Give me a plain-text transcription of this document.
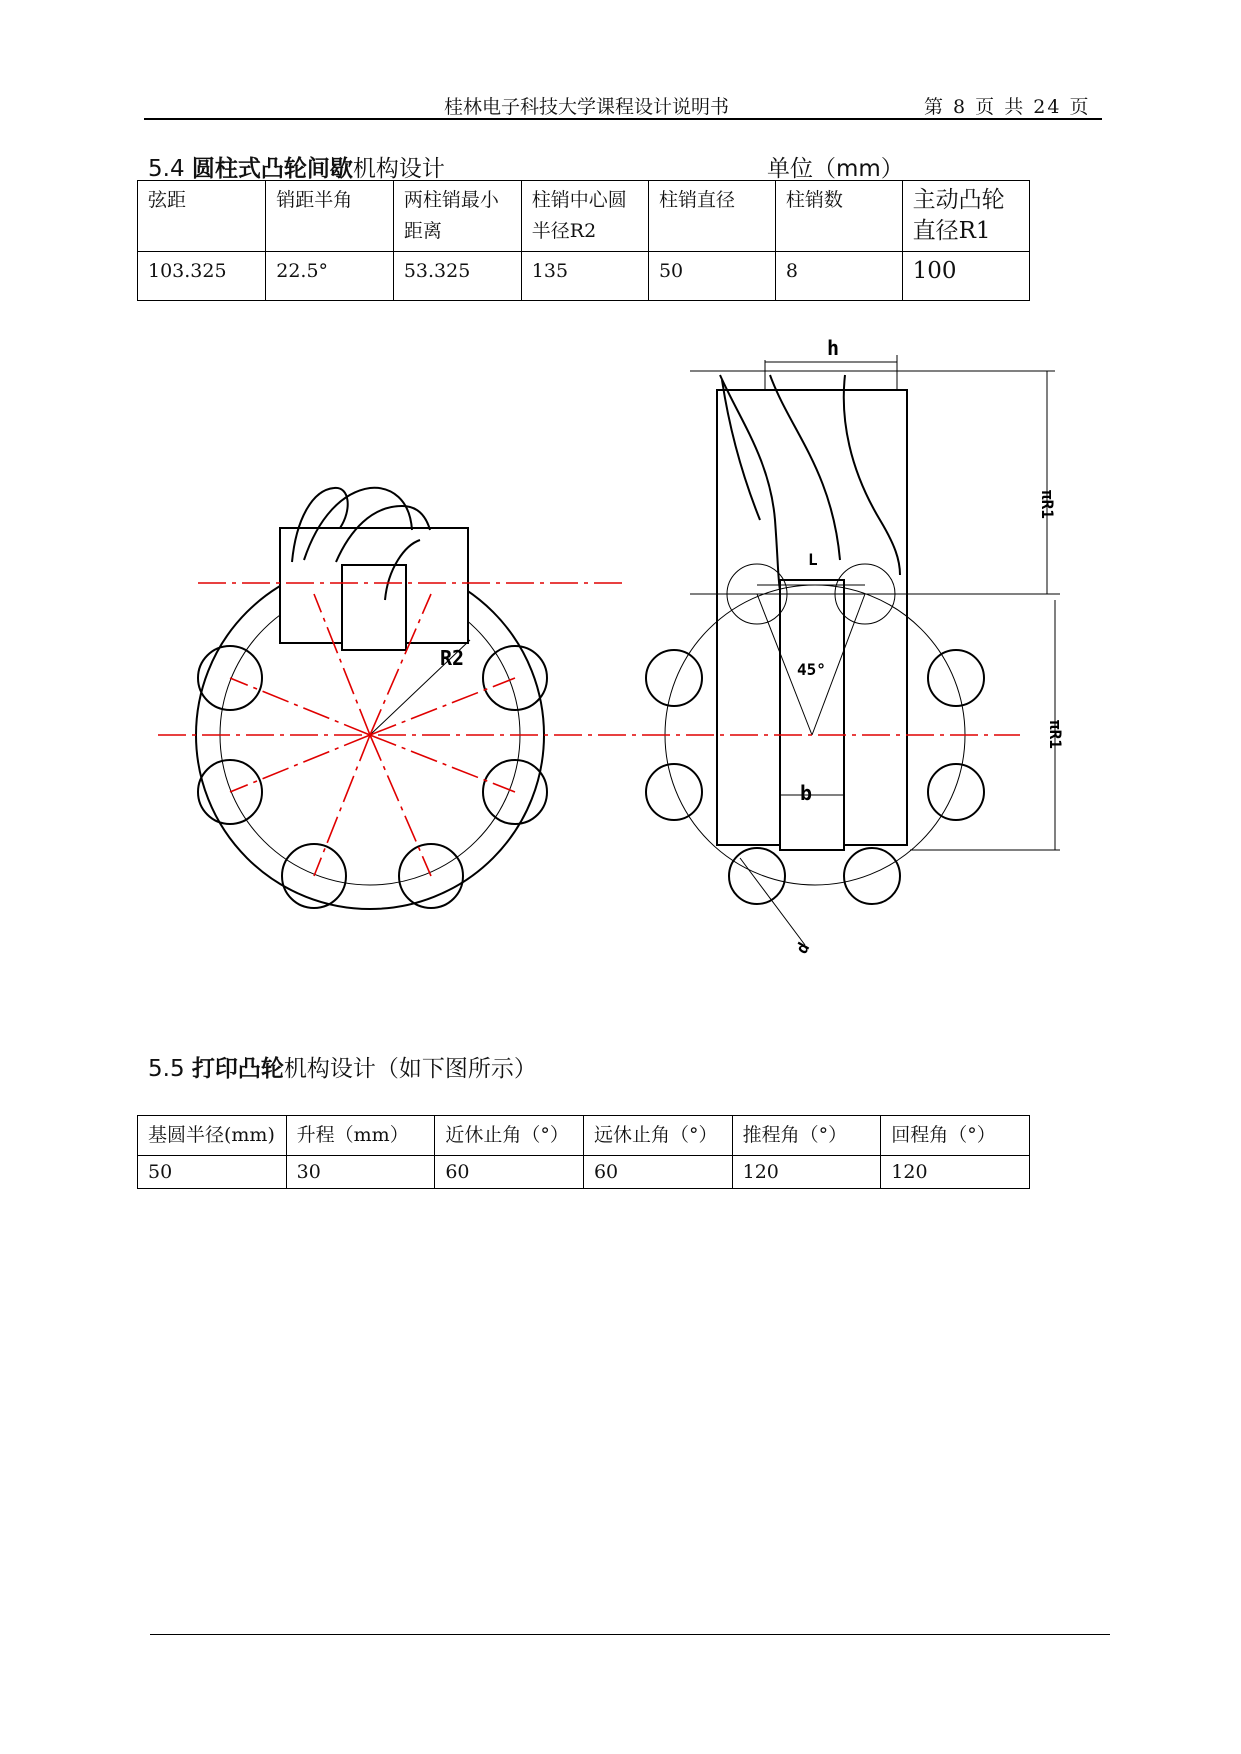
桂林电子科技大学课程设计说明书	第 8 页 共 24 页
5.4 圆柱式凸轮间歇机构设计	单位（mm）
弦距	销距半角	两柱销最小距离	柱销中心圆半径R2	柱销直径	柱销数	主动凸轮直径R1
103.325	22.5°	53.325	135	50	8	100
R2
h
L
45°
b
πR1
πR1
d
5.5 打印凸轮机构设计（如下图所示）
基圆半径(mm)	升程（mm）	近休止角（°）	远休止角（°）	推程角（°）	回程角（°）
50	30	60	60	120	120
